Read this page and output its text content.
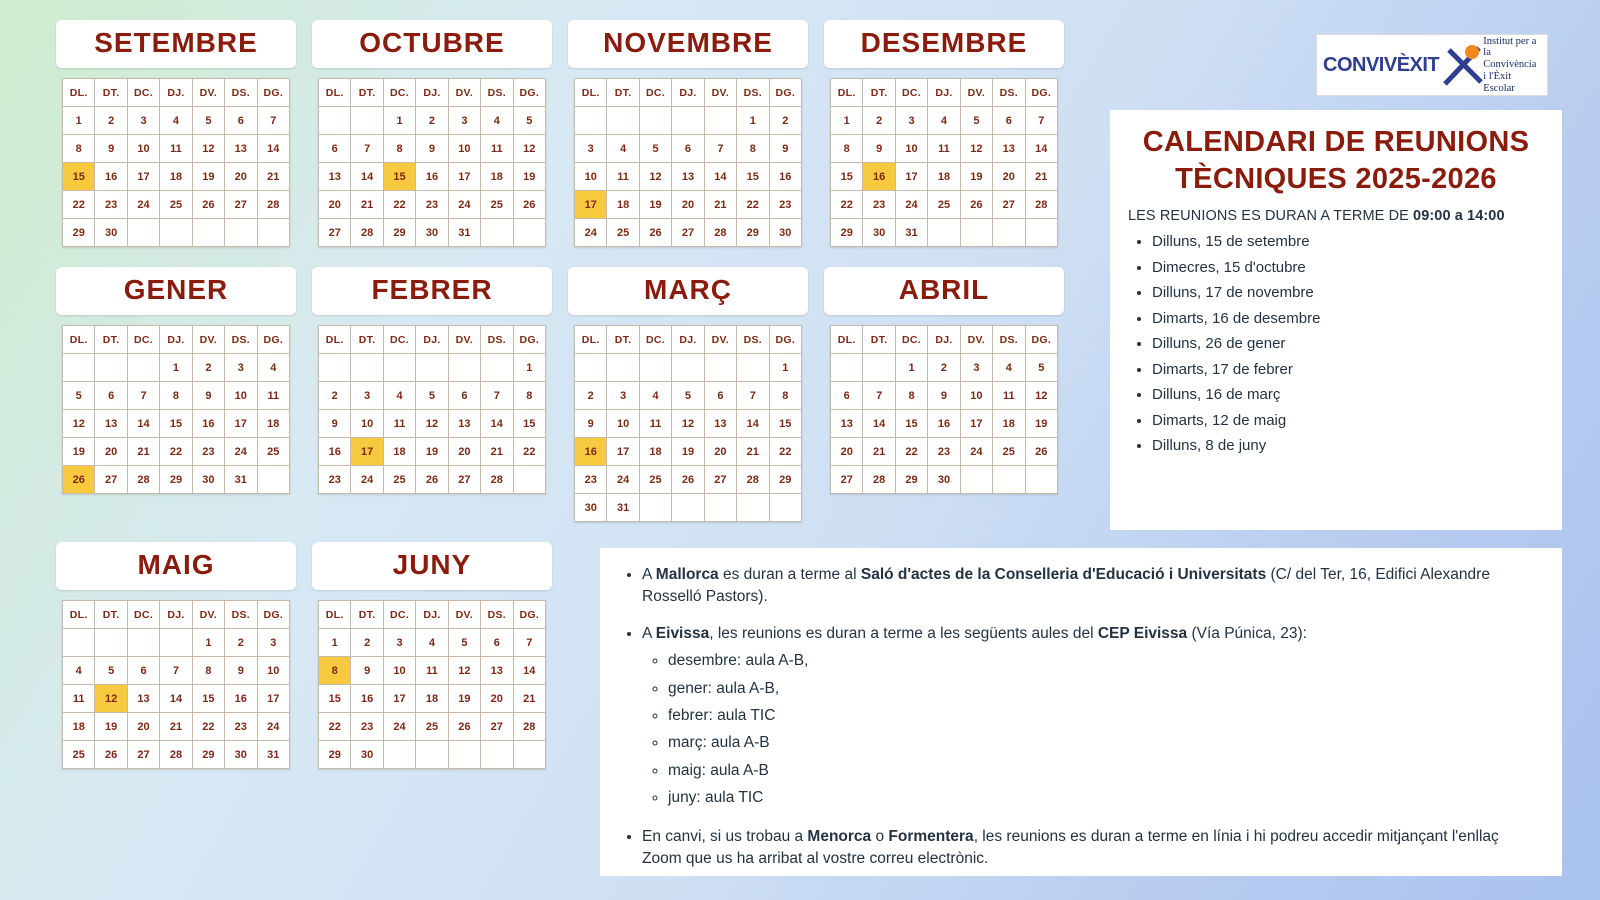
SETEMBRE
DL.	DT.	DC.	DJ.	DV.	DS.	DG.
1	2	3	4	5	6	7
8	9	10	11	12	13	14
15	16	17	18	19	20	21
22	23	24	25	26	27	28
29	30					
OCTUBRE
DL.	DT.	DC.	DJ.	DV.	DS.	DG.
		1	2	3	4	5
6	7	8	9	10	11	12
13	14	15	16	17	18	19
20	21	22	23	24	25	26
27	28	29	30	31		
NOVEMBRE
DL.	DT.	DC.	DJ.	DV.	DS.	DG.
					1	2
3	4	5	6	7	8	9
10	11	12	13	14	15	16
17	18	19	20	21	22	23
24	25	26	27	28	29	30
DESEMBRE
DL.	DT.	DC.	DJ.	DV.	DS.	DG.
1	2	3	4	5	6	7
8	9	10	11	12	13	14
15	16	17	18	19	20	21
22	23	24	25	26	27	28
29	30	31				
GENER
DL.	DT.	DC.	DJ.	DV.	DS.	DG.
			1	2	3	4
5	6	7	8	9	10	11
12	13	14	15	16	17	18
19	20	21	22	23	24	25
26	27	28	29	30	31	
FEBRER
DL.	DT.	DC.	DJ.	DV.	DS.	DG.
						1
2	3	4	5	6	7	8
9	10	11	12	13	14	15
16	17	18	19	20	21	22
23	24	25	26	27	28	
MARÇ
DL.	DT.	DC.	DJ.	DV.	DS.	DG.
						1
2	3	4	5	6	7	8
9	10	11	12	13	14	15
16	17	18	19	20	21	22
23	24	25	26	27	28	29
30	31					
ABRIL
DL.	DT.	DC.	DJ.	DV.	DS.	DG.
		1	2	3	4	5
6	7	8	9	10	11	12
13	14	15	16	17	18	19
20	21	22	23	24	25	26
27	28	29	30			
MAIG
DL.	DT.	DC.	DJ.	DV.	DS.	DG.
				1	2	3
4	5	6	7	8	9	10
11	12	13	14	15	16	17
18	19	20	21	22	23	24
25	26	27	28	29	30	31
JUNY
DL.	DT.	DC.	DJ.	DV.	DS.	DG.
1	2	3	4	5	6	7
8	9	10	11	12	13	14
15	16	17	18	19	20	21
22	23	24	25	26	27	28
29	30					
CONVIVÈXIT
Institut per a
la Convivència
i l'Èxit Escolar
CALENDARI DE REUNIONS
TÈCNIQUES 2025-2026
LES REUNIONS ES DURAN A TERME DE 09:00 a 14:00
• Dilluns, 15 de setembre
• Dimecres, 15 d'octubre
• Dilluns, 17 de novembre
• Dimarts, 16 de desembre
• Dilluns, 26 de gener
• Dimarts, 17 de febrer
• Dilluns, 16 de març
• Dimarts, 12 de maig
• Dilluns, 8 de juny
• A Mallorca es duran a terme al Saló d'actes de la Conselleria d'Educació i Universitats (C/ del Ter, 16, Edifici Alexandre Rosselló Pastors).
• A Eivissa, les reunions es duran a terme a les següents aules del CEP Eivissa (Vía Púnica, 23):
◦ desembre: aula A-B,
◦ gener: aula A-B,
◦ febrer: aula TIC
◦ març: aula A-B
◦ maig: aula A-B
◦ juny: aula TIC
• En canvi, si us trobau a Menorca o Formentera, les reunions es duran a terme en línia i hi podreu accedir mitjançant l'enllaç Zoom que us ha arribat al vostre correu electrònic.
